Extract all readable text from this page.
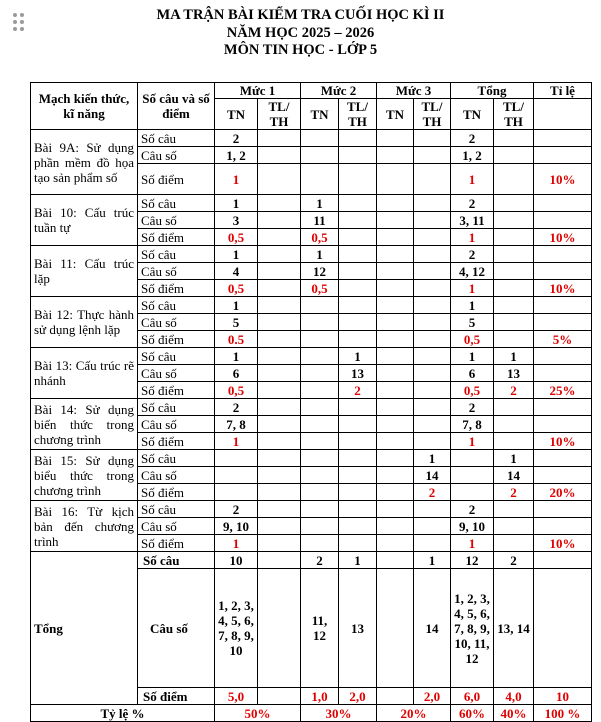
MA TRẬN BÀI KIỂM TRA CUỐI HỌC KÌ II
NĂM HỌC 2025 – 2026
MÔN TIN HỌC - LỚP 5
Mạch kiến thức, kĩ năng	Số câu và số điểm	Mức 1		Mức 2		Mức 3		Tổng		Tỉ lệ
		TN	TL/ TH	TN	TL/ TH	TN	TL/ TH	TN	TL/ TH	
Bài 9A: Sử dụng phần mềm đồ họa tạo sản phẩm số	Số câu	2						2		
	Câu số	1, 2						1, 2		
	Số điểm	1						1		10%
Bài 10: Cấu trúc tuần tự	Số câu	1		1				2		
	Câu số	3		11				3, 11		
	Số điểm	0,5		0,5				1		10%
Bài 11: Cấu trúc lặp	Số câu	1		1				2		
	Câu số	4		12				4, 12		
	Số điểm	0,5		0,5				1		10%
Bài 12: Thực hành sử dụng lệnh lặp	Số câu	1						1		
	Câu số	5						5		
	Số điểm	0.5						0,5		5%
Bài 13: Cấu trúc rẽ nhánh	Số câu	1			1			1	1	
	Câu số	6			13			6	13	
	Số điểm	0,5			2			0,5	2	25%
Bài 14: Sử dụng biến thức trong chương trình	Số câu	2						2		
	Câu số	7, 8						7, 8		
	Số điểm	1						1		10%
Bài 15: Sử dụng biểu thức trong chương trình	Số câu						1		1	
	Câu số						14		14	
	Số điểm						2		2	20%
Bài 16: Từ kịch bản đến chương trình	Số câu	2						2		
	Câu số	9, 10						9, 10		
	Số điểm	1						1		10%
Tổng	Số câu	10		2	1		1	12	2	
	Câu số	1, 2, 3, 4, 5, 6, 7, 8, 9, 10		11, 12	13		14	1, 2, 3, 4, 5, 6, 7, 8, 9, 10, 11, 12	13, 14	
	Số điểm	5,0		1,0	2,0		2,0	6,0	4,0	10
Tỷ lệ %		50%		30%		20%		60%	40%	100 %
